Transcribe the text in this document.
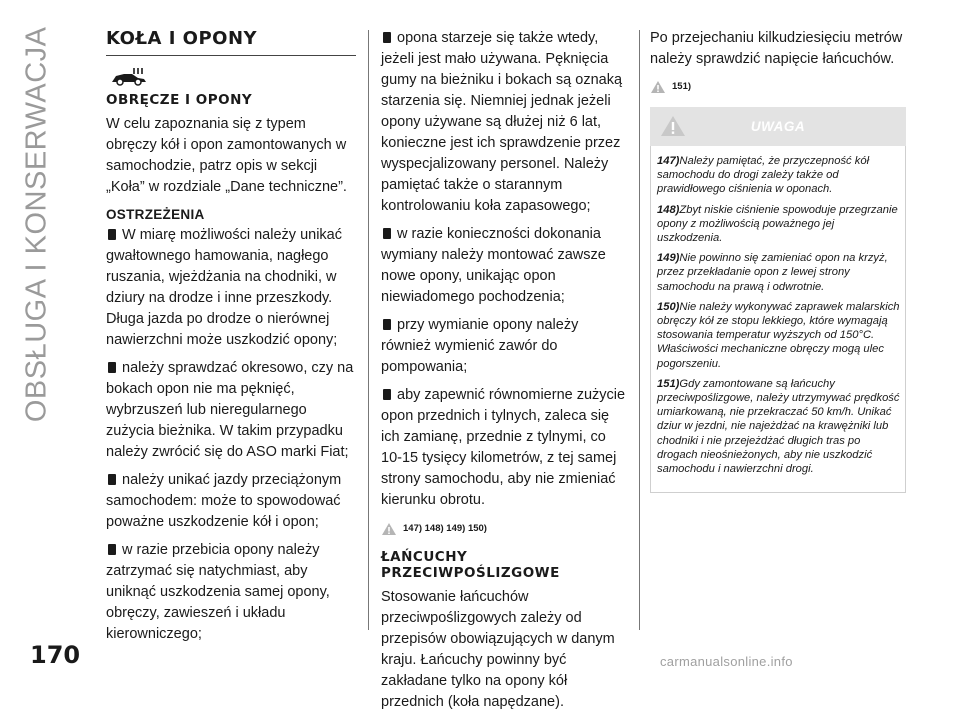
OBSŁUGA I KONSERWACJA	KOŁA I OPONY
OBRĘCZE I OPONY

W celu zapoznania się z typem obręczy kół i opon zamontowanych w samochodzie, patrz opis w sekcji „Koła” w rozdziale „Dane techniczne”.

OSTRZEŻENIA
W miarę możliwości należy unikać gwałtownego hamowania, nagłego ruszania, wjeżdżania na chodniki, w dziury na drodze i inne przeszkody. Długa jazda po drodze o nierównej nawierzchni może uszkodzić opony;
należy sprawdzać okresowo, czy na bokach opon nie ma pęknięć, wybrzuszeń lub nieregularnego zużycia bieżnika. W takim przypadku należy zwrócić się do ASO marki Fiat;
należy unikać jazdy przeciążonym samochodem: może to spowodować poważne uszkodzenie kół i opon;
w razie przebicia opony należy zatrzymać się natychmiast, aby uniknąć uszkodzenia samej opony, obręczy, zawieszeń i układu kierowniczego;
opona starzeje się także wtedy, jeżeli jest mało używana. Pęknięcia gumy na bieżniku i bokach są oznaką starzenia się. Niemniej jednak jeżeli opony używane są dłużej niż 6 lat, konieczne jest ich sprawdzenie przez wyspecjalizowany personel. Należy pamiętać także o starannym kontrolowaniu koła zapasowego;
w razie konieczności dokonania wymiany należy montować zawsze nowe opony, unikając opon niewiadomego pochodzenia;
przy wymianie opony należy również wymienić zawór do pompowania;
aby zapewnić równomierne zużycie opon przednich i tylnych, zaleca się ich zamianę, przednie z tylnymi, co 10-15 tysięcy kilometrów, z tej samej strony samochodu, aby nie zmieniać kierunku obrotu.
147) 148) 149) 150)
ŁAŃCUCHY PRZECIWPOŚLIZGOWE

Stosowanie łańcuchów przeciwpoślizgowych zależy od przepisów obowiązujących w danym kraju. Łańcuchy powinny być zakładane tylko na opony kół przednich (koła napędzane).

Po przejechaniu kilkudziesięciu metrów należy sprawdzić napięcie łańcuchów.

151)
UWAGA
147)Należy pamiętać, że przyczepność kół samochodu do drogi zależy także od prawidłowego ciśnienia w oponach.
148)Zbyt niskie ciśnienie spowoduje przegrzanie opony z możliwością poważnego jej uszkodzenia.
149)Nie powinno się zamieniać opon na krzyż, przez przekładanie opon z lewej strony samochodu na prawą i odwrotnie.
150)Nie należy wykonywać zaprawek malarskich obręczy kół ze stopu lekkiego, które wymagają stosowania temperatur wyższych od 150°C. Właściwości mechaniczne obręczy mogą ulec pogorszeniu.
151)Gdy zamontowane są łańcuchy przeciwpoślizgowe, należy utrzymywać prędkość umiarkowaną, nie przekraczać 50 km/h. Unikać dziur w jezdni, nie najeżdżać na krawężniki lub chodniki i nie przejeżdżać długich tras po drogach nieośnieżonych, aby nie uszkodzić samochodu i nawierzchni drogi.
170	carmanualsonline.info
